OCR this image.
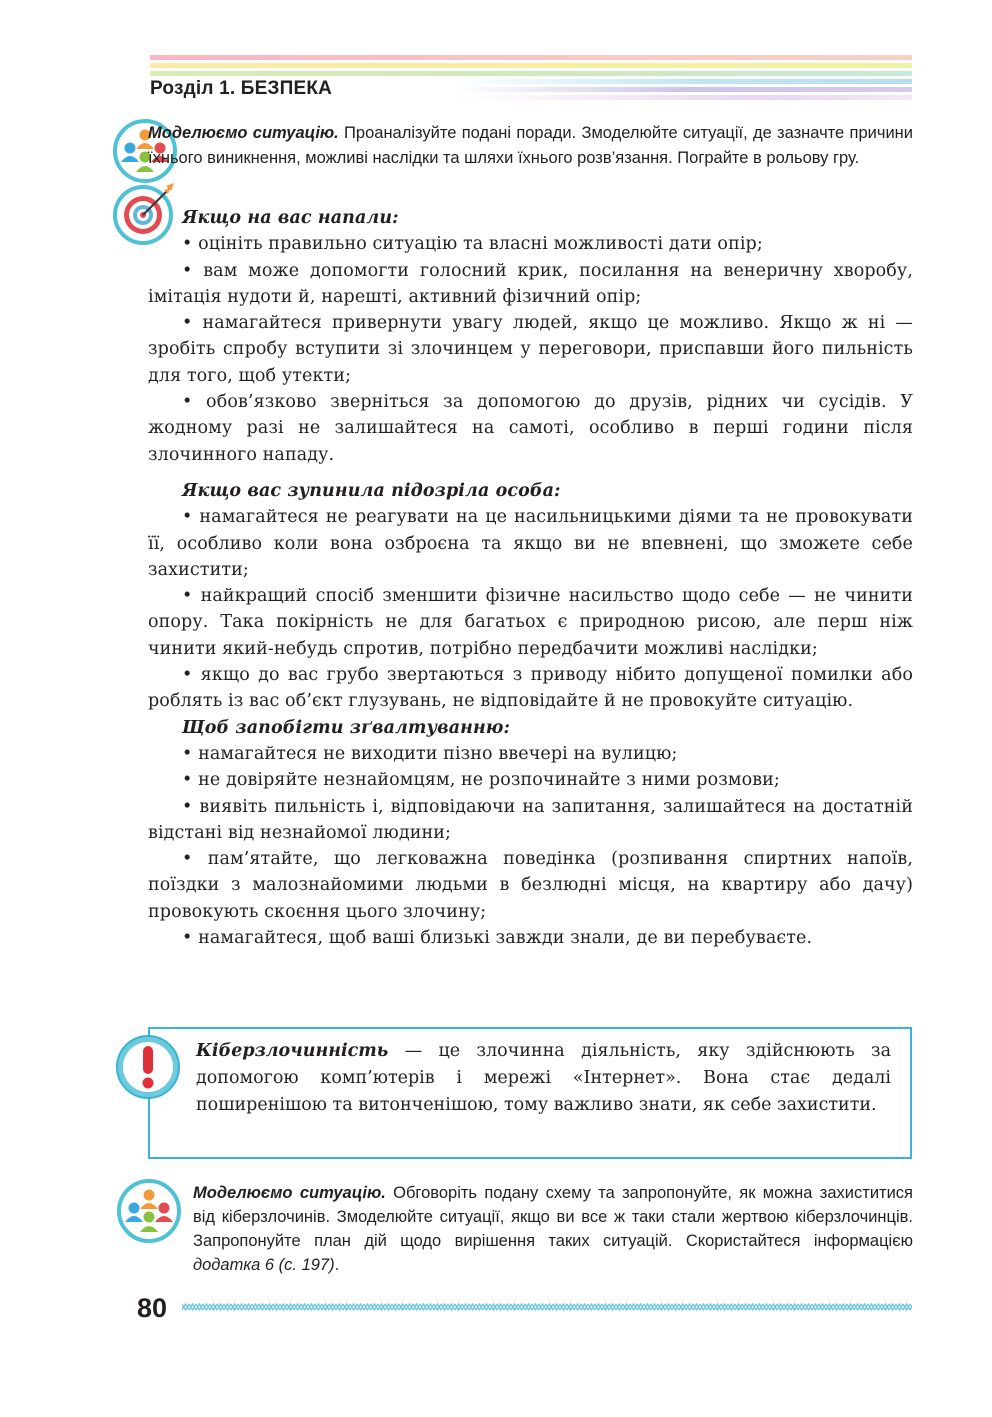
Розділ 1. БЕЗПЕКА
Моделюємо ситуацію. Проаналізуйте подані поради. Змоделюйте ситуації, де зазначте причини їхнього виникнення, можливі наслідки та шляхи їхнього розв’язання. Пограйте в рольову гру.

Якщо на вас напали:

• оцініть правильно ситуацію та власні можливості дати опір;

• вам може допомогти голосний крик, посилання на венеричну хворобу, імітація нудоти й, нарешті, активний фізичний опір;

• намагайтеся привернути увагу людей, якщо це можливо. Якщо ж ні — зробіть спробу вступити зі злочинцем у переговори, приспавши його пильність для того, щоб утекти;

• обов’язково зверніться за допомогою до друзів, рідних чи сусідів. У жодному разі не залишайтеся на самоті, особливо в перші години після злочинного нападу.

Якщо вас зупинила підозріла особа:

• намагайтеся не реагувати на це насильницькими діями та не провокувати її, особливо коли вона озброєна та якщо ви не впевнені, що зможете себе захистити;

• найкращий спосіб зменшити фізичне насильство щодо себе — не чинити опору. Така покірність не для багатьох є природною рисою, але перш ніж чинити який-небудь спротив, потрібно передбачити можливі наслідки;

• якщо до вас грубо звертаються з приводу нібито допущеної помилки або роблять із вас об’єкт глузувань, не відповідайте й не провокуйте ситуацію.

Щоб запобігти зґвалтуванню:

• намагайтеся не виходити пізно ввечері на вулицю;

• не довіряйте незнайомцям, не розпочинайте з ними розмови;

• виявіть пильність і, відповідаючи на запитання, залишайтеся на достатній відстані від незнайомої людини;

• пам’ятайте, що легковажна поведінка (розпивання спиртних напоїв, поїздки з малознайомими людьми в безлюдні місця, на квартиру або дачу) провокують скоєння цього злочину;

• намагайтеся, щоб ваші близькі завжди знали, де ви перебуваєте.

Кіберзлочинність — це злочинна діяльність, яку здійснюють за допомогою комп’ютерів і мережі «Інтернет». Вона стає дедалі поширенішою та витонченішою, тому важливо знати, як себе захистити.
Моделюємо ситуацію. Обговоріть подану схему та запропонуйте, як можна захиститися від кіберзлочинів. Змоделюйте ситуації, якщо ви все ж таки стали жертвою кіберзлочинців. Запропонуйте план дій щодо вирішення таких ситуацій. Скористайтеся інформацією додатка 6 (с. 197).
80
